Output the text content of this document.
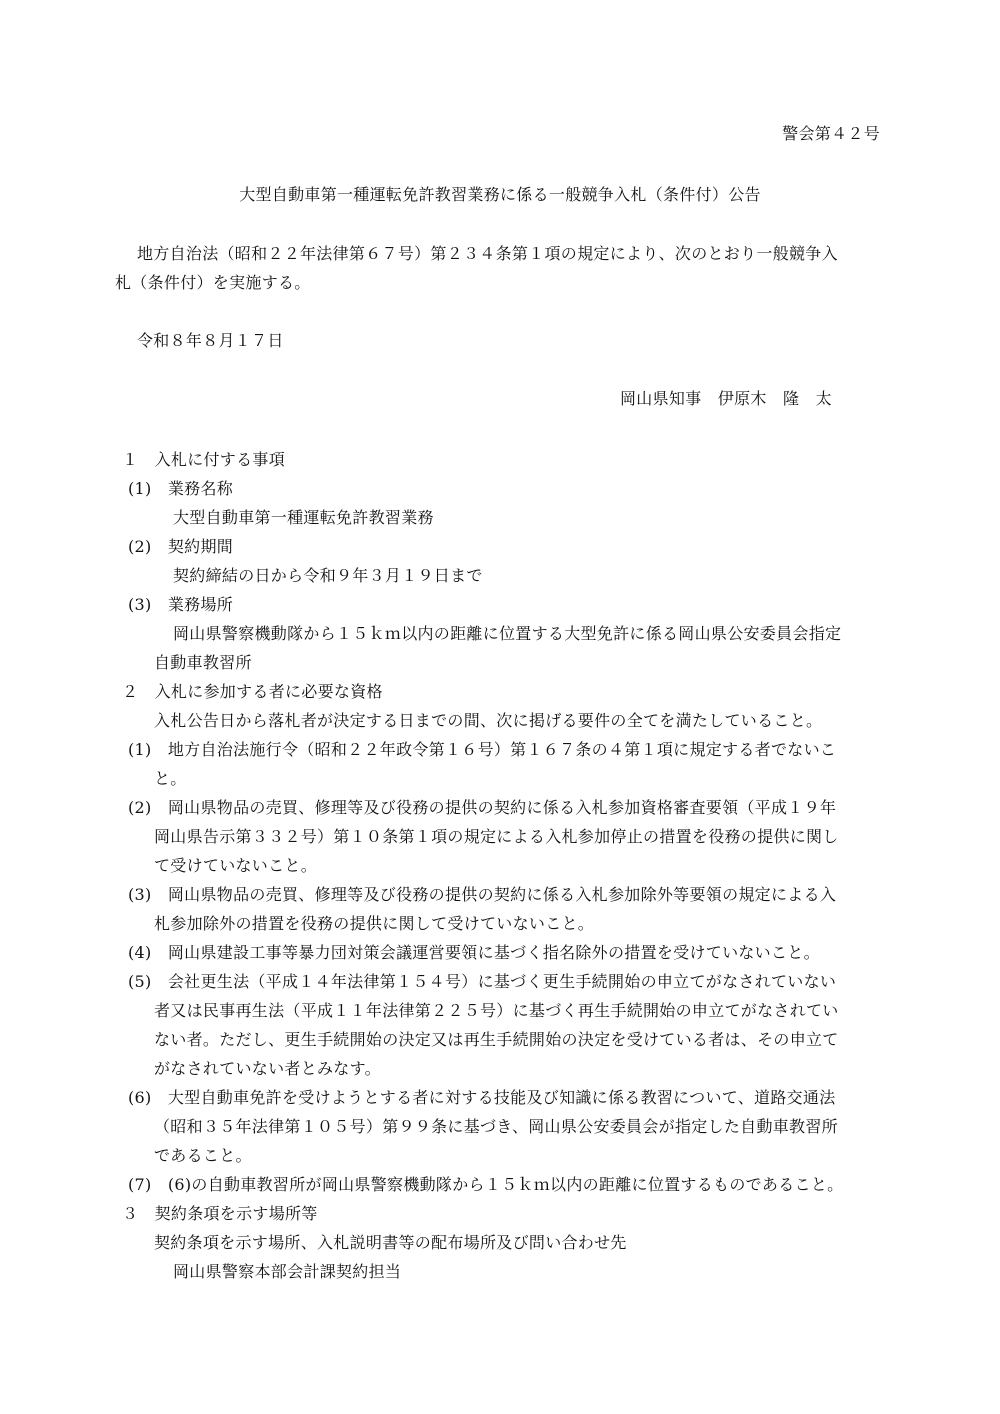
警会第４２号
大型自動車第一種運転免許教習業務に係る一般競争入札（条件付）公告
地方自治法（昭和２２年法律第６７号）第２３４条第１項の規定により、次のとおり一般競争入
札（条件付）を実施する。
令和８年８月１７日
岡山県知事　伊原木　隆　太
１　入札に付する事項
(1)　業務名称
大型自動車第一種運転免許教習業務
(2)　契約期間
契約締結の日から令和９年３月１９日まで
(3)　業務場所
岡山県警察機動隊から１５ｋｍ以内の距離に位置する大型免許に係る岡山県公安委員会指定
自動車教習所
２　入札に参加する者に必要な資格
入札公告日から落札者が決定する日までの間、次に掲げる要件の全てを満たしていること。
(1)　地方自治法施行令（昭和２２年政令第１６号）第１６７条の４第１項に規定する者でないこ
と。
(2)　岡山県物品の売買、修理等及び役務の提供の契約に係る入札参加資格審査要領（平成１９年
岡山県告示第３３２号）第１０条第１項の規定による入札参加停止の措置を役務の提供に関し
て受けていないこと。
(3)　岡山県物品の売買、修理等及び役務の提供の契約に係る入札参加除外等要領の規定による入
札参加除外の措置を役務の提供に関して受けていないこと。
(4)　岡山県建設工事等暴力団対策会議運営要領に基づく指名除外の措置を受けていないこと。
(5)　会社更生法（平成１４年法律第１５４号）に基づく更生手続開始の申立てがなされていない
者又は民事再生法（平成１１年法律第２２５号）に基づく再生手続開始の申立てがなされてい
ない者。ただし、更生手続開始の決定又は再生手続開始の決定を受けている者は、その申立て
がなされていない者とみなす。
(6)　大型自動車免許を受けようとする者に対する技能及び知識に係る教習について、道路交通法
（昭和３５年法律第１０５号）第９９条に基づき、岡山県公安委員会が指定した自動車教習所
であること。
(7)　(6)の自動車教習所が岡山県警察機動隊から１５ｋｍ以内の距離に位置するものであること。
３　契約条項を示す場所等
契約条項を示す場所、入札説明書等の配布場所及び問い合わせ先
岡山県警察本部会計課契約担当
